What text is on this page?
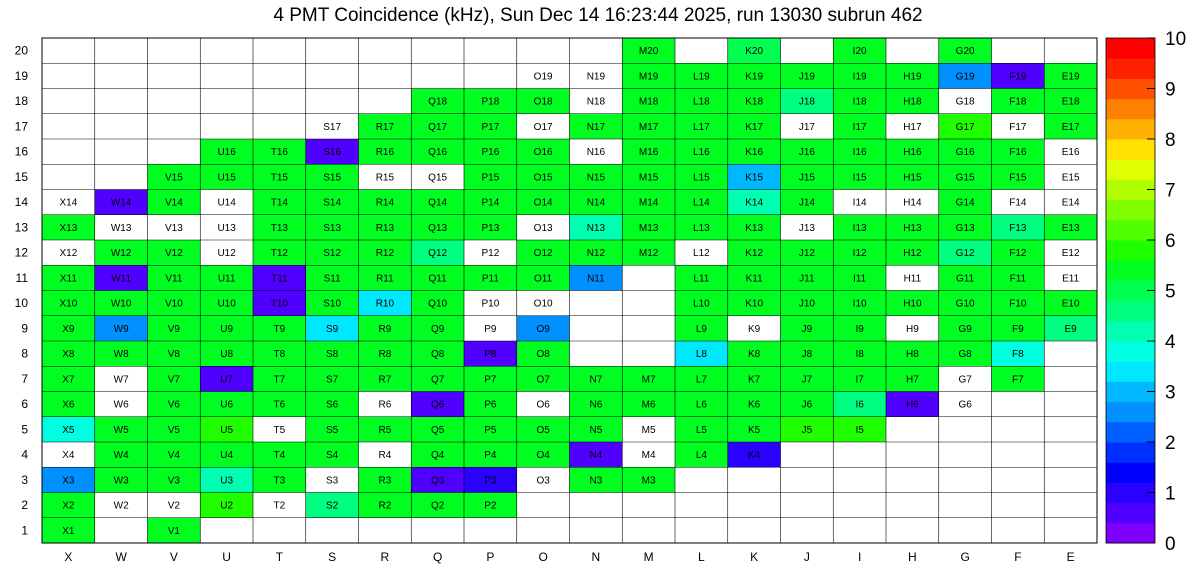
4 PMT Coincidence (kHz), Sun Dec 14 16:23:44 2025, run 13030 subrun 462
X1	V1
X2	W2	V2	U2	T2	S2	R2	Q2	P2
X3	W3	V3	U3	T3	S3	R3	Q3	P3	O3	N3	M3
X4	W4	V4	U4	T4	S4	R4	Q4	P4	O4	N4	M4	L4	K4
X5	W5	V5	U5	T5	S5	R5	Q5	P5	O5	N5	M5	L5	K5	J5	I5
X6	W6	V6	U6	T6	S6	R6	Q6	P6	O6	N6	M6	L6	K6	J6	I6	H6	G6
X7	W7	V7	U7	T7	S7	R7	Q7	P7	O7	N7	M7	L7	K7	J7	I7	H7	G7	F7
X8	W8	V8	U8	T8	S8	R8	Q8	P8	O8	L8	K8	J8	I8	H8	G8	F8
X9	W9	V9	U9	T9	S9	R9	Q9	P9	O9	L9	K9	J9	I9	H9	G9	F9	E9
X10	W10	V10	U10	T10	S10	R10	Q10	P10	O10	L10	K10	J10	I10	H10	G10	F10	E10
X11	W11	V11	U11	T11	S11	R11	Q11	P11	O11	N11	L11	K11	J11	I11	H11	G11	F11	E11
X12	W12	V12	U12	T12	S12	R12	Q12	P12	O12	N12	M12	L12	K12	J12	I12	H12	G12	F12	E12
X13	W13	V13	U13	T13	S13	R13	Q13	P13	O13	N13	M13	L13	K13	J13	I13	H13	G13	F13	E13
X14	W14	V14	U14	T14	S14	R14	Q14	P14	O14	N14	M14	L14	K14	J14	I14	H14	G14	F14	E14
V15	U15	T15	S15	R15	Q15	P15	O15	N15	M15	L15	K15	J15	I15	H15	G15	F15	E15
U16	T16	S16	R16	Q16	P16	O16	N16	M16	L16	K16	J16	I16	H16	G16	F16	E16
S17	R17	Q17	P17	O17	N17	M17	L17	K17	J17	I17	H17	G17	F17	E17
Q18	P18	O18	N18	M18	L18	K18	J18	I18	H18	G18	F18	E18
O19	N19	M19	L19	K19	J19	I19	H19	G19	F19	E19
M20	K20	I20	G20
X	W	V	U	T	S	R	Q	P	O	N	M	L	K	J	I	H	G	F	E
1
2
3
4
5
6
7
8
9
10
11
12
13
14
15
16
17
18
19
20
0
1
2
3
4
5
6
7
8
9
10
